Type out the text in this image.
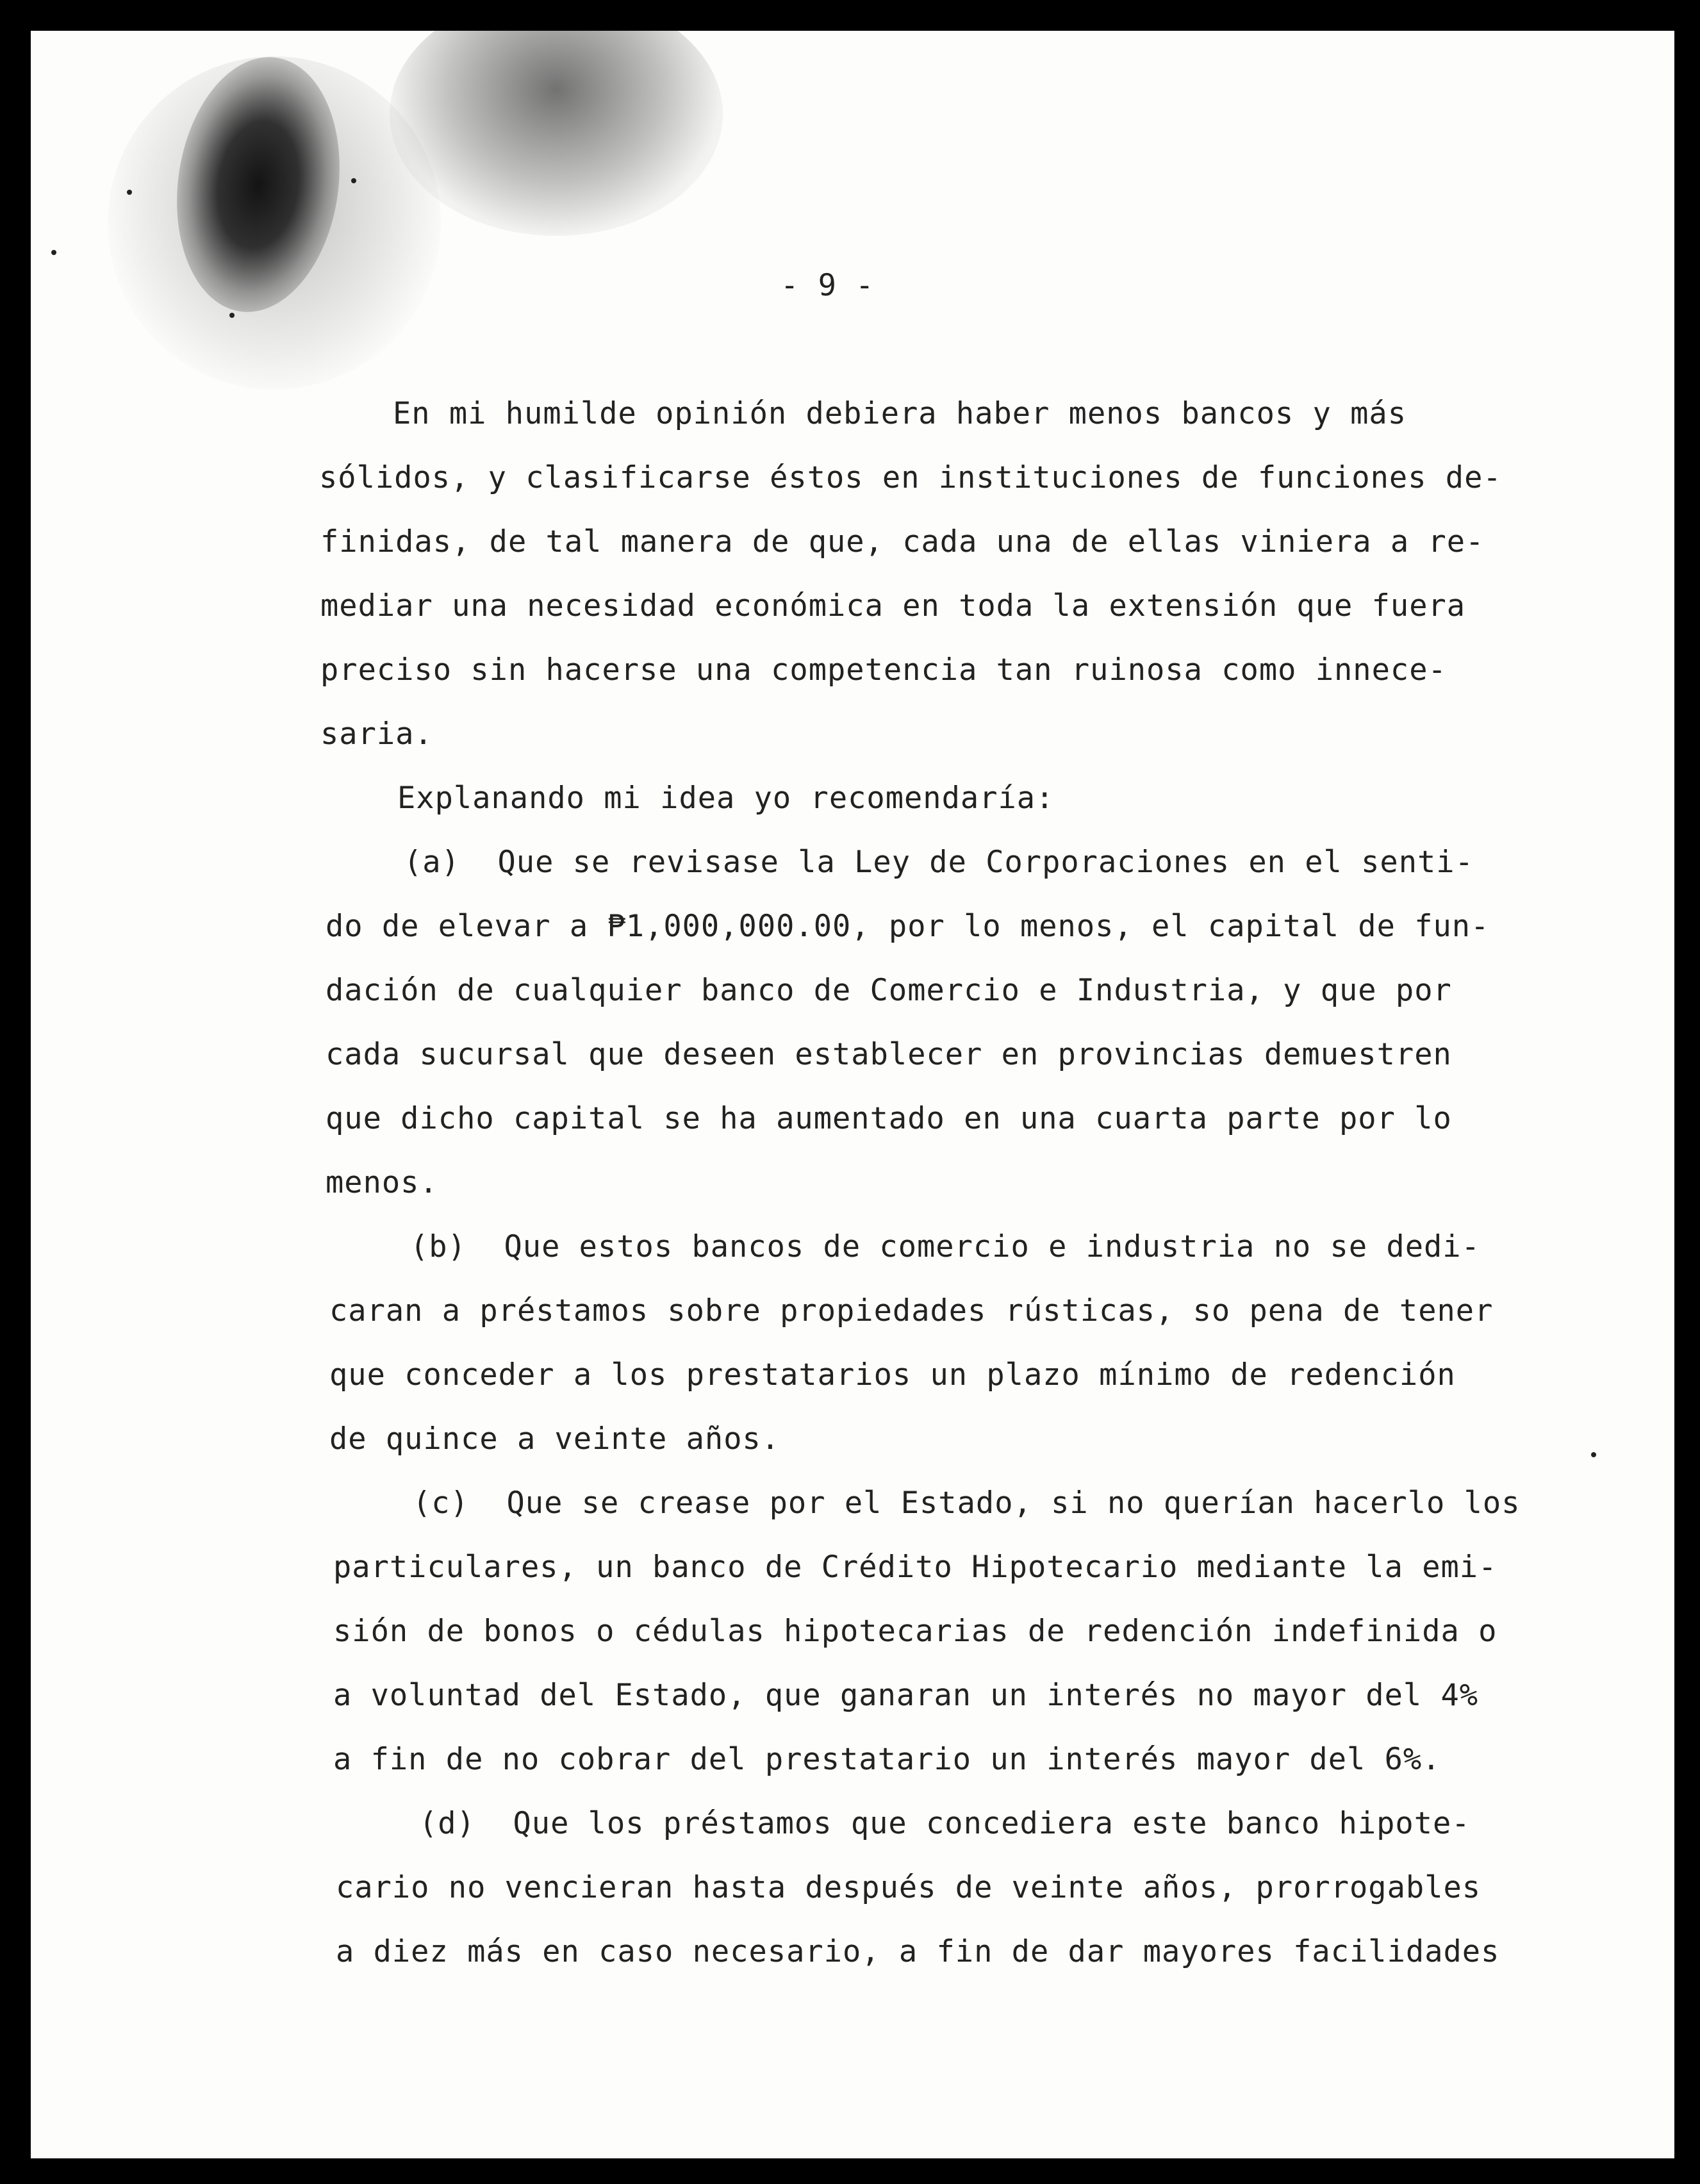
- 9 -

En mi humilde opinión debiera haber menos bancos y más

sólidos, y clasificarse éstos en instituciones de funciones de-

finidas, de tal manera de que, cada una de ellas viniera a re-

mediar una necesidad económica en toda la extensión que fuera

preciso sin hacerse una competencia tan ruinosa como innece-

saria.

Explanando mi idea yo recomendaría:

(a)  Que se revisase la Ley de Corporaciones en el senti-

do de elevar a ₱1,000,000.00, por lo menos, el capital de fun-

dación de cualquier banco de Comercio e Industria, y que por

cada sucursal que deseen establecer en provincias demuestren

que dicho capital se ha aumentado en una cuarta parte por lo

menos.

(b)  Que estos bancos de comercio e industria no se dedi-

caran a préstamos sobre propiedades rústicas, so pena de tener

que conceder a los prestatarios un plazo mínimo de redención

de quince a veinte años.

(c)  Que se crease por el Estado, si no querían hacerlo los

particulares, un banco de Crédito Hipotecario mediante la emi-

sión de bonos o cédulas hipotecarias de redención indefinida o

a voluntad del Estado, que ganaran un interés no mayor del 4%

a fin de no cobrar del prestatario un interés mayor del 6%.

(d)  Que los préstamos que concediera este banco hipote-

cario no vencieran hasta después de veinte años, prorrogables

a diez más en caso necesario, a fin de dar mayores facilidades
